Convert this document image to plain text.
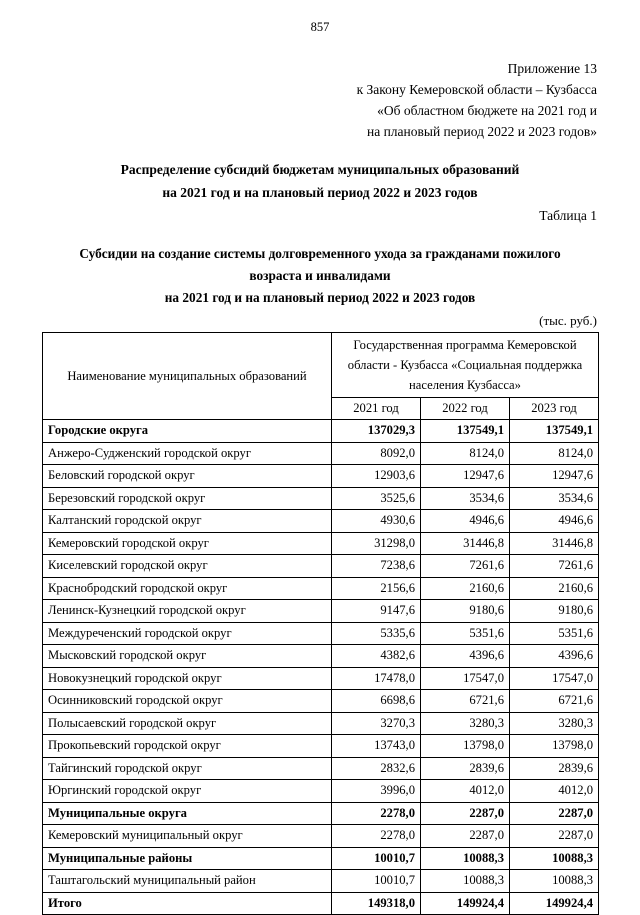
857
Приложение 13
к Закону Кемеровской области – Кузбасса
«Об областном бюджете на 2021 год и
на плановый период 2022 и 2023 годов»
Распределение субсидий бюджетам муниципальных образований
на 2021 год и на плановый период 2022 и 2023 годов
Таблица 1
Субсидии на создание системы долговременного ухода за гражданами пожилого
возраста и инвалидами
на 2021 год и на плановый период 2022 и 2023 годов
(тыс. руб.)
Наименование муниципальных образований	Государственная программа Кемеровской области - Кузбасса «Социальная поддержка населения Кузбасса»		
	2021 год	2022 год	2023 год
Городские округа	137029,3	137549,1	137549,1
Анжеро-Судженский городской округ	8092,0	8124,0	8124,0
Беловский городской округ	12903,6	12947,6	12947,6
Березовский городской округ	3525,6	3534,6	3534,6
Калтанский городской округ	4930,6	4946,6	4946,6
Кемеровский городской округ	31298,0	31446,8	31446,8
Киселевский городской округ	7238,6	7261,6	7261,6
Краснобродский городской округ	2156,6	2160,6	2160,6
Ленинск-Кузнецкий городской округ	9147,6	9180,6	9180,6
Междуреченский городской округ	5335,6	5351,6	5351,6
Мысковский городской округ	4382,6	4396,6	4396,6
Новокузнецкий городской округ	17478,0	17547,0	17547,0
Осинниковский городской округ	6698,6	6721,6	6721,6
Полысаевский городской округ	3270,3	3280,3	3280,3
Прокопьевский городской округ	13743,0	13798,0	13798,0
Тайгинский городской округ	2832,6	2839,6	2839,6
Юргинский городской округ	3996,0	4012,0	4012,0
Муниципальные округа	2278,0	2287,0	2287,0
Кемеровский муниципальный округ	2278,0	2287,0	2287,0
Муниципальные районы	10010,7	10088,3	10088,3
Таштагольский муниципальный район	10010,7	10088,3	10088,3
Итого	149318,0	149924,4	149924,4
